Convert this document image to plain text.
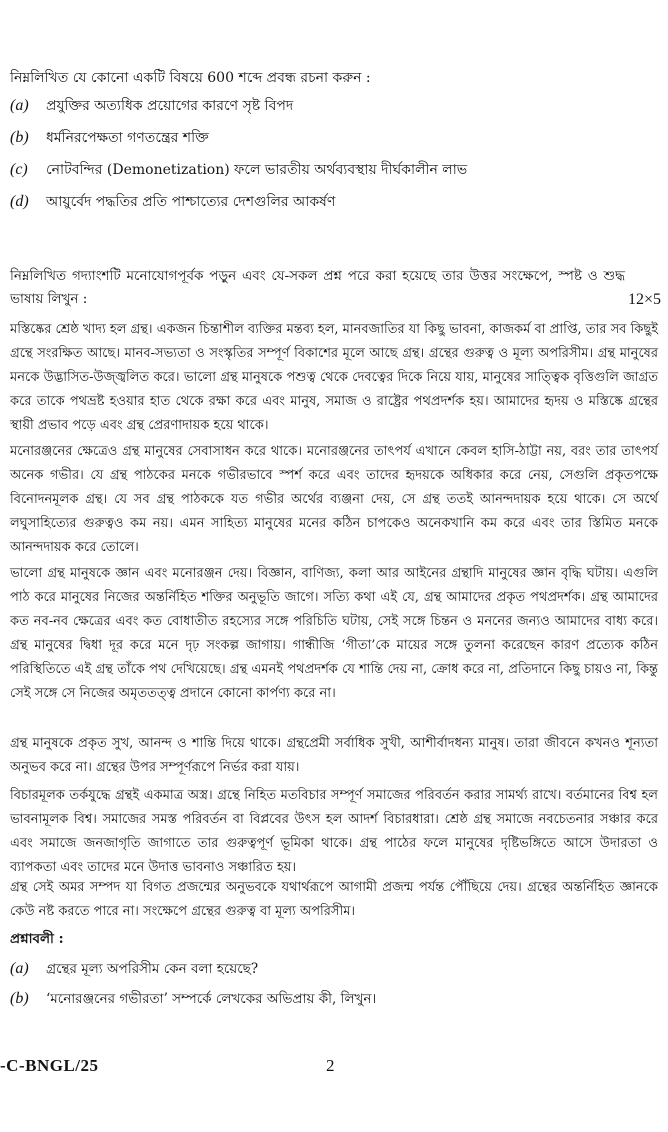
নিম্নলিখিত যে কোনো একটি বিষয়ে 600 শব্দে প্রবন্ধ রচনা করুন :
(a) প্রযুক্তির অত্যধিক প্রয়োগের কারণে সৃষ্ট বিপদ
(b) ধর্মনিরপেক্ষতা গণতন্ত্রের শক্তি
(c) নোটবন্দির (Demonetization) ফলে ভারতীয় অর্থব্যবস্থায় দীর্ঘকালীন লাভ
(d) আয়ুর্বেদ পদ্ধতির প্রতি পাশ্চাত্যের দেশগুলির আকর্ষণ
নিম্নলিখিত গদ্যাংশটি মনোযোগপূর্বক পড়ুন এবং যে-সকল প্রশ্ন পরে করা হয়েছে তার উত্তর সংক্ষেপে, স্পষ্ট ও শুদ্ধ ভাষায় লিখুন :	12×5
মস্তিষ্কের শ্রেষ্ঠ খাদ্য হল গ্রন্থ। একজন চিন্তাশীল ব্যক্তির মন্তব্য হল, মানবজাতির যা কিছু ভাবনা, কাজকর্ম বা প্রাপ্তি, তার সব কিছুই গ্রন্থে সংরক্ষিত আছে। মানব-সভ্যতা ও সংস্কৃতির সম্পূর্ণ বিকাশের মূলে আছে গ্রন্থ। গ্রন্থের গুরুত্ব ও মূল্য অপরিসীম। গ্রন্থ মানুষের মনকে উদ্ভাসিত-উজ্জ্বলিত করে। ভালো গ্রন্থ মানুষকে পশুত্ব থেকে দেবত্বের দিকে নিয়ে যায়, মানুষের সাত্ত্বিক বৃত্তিগুলি জাগ্রত করে তাকে পথভ্রষ্ট হওয়ার হাত থেকে রক্ষা করে এবং মানুষ, সমাজ ও রাষ্ট্রের পথপ্রদর্শক হয়। আমাদের হৃদয় ও মস্তিষ্কে গ্রন্থের স্থায়ী প্রভাব পড়ে এবং গ্রন্থ প্রেরণাদায়ক হয়ে থাকে।
মনোরঞ্জনের ক্ষেত্রেও গ্রন্থ মানুষের সেবাসাধন করে থাকে। মনোরঞ্জনের তাৎপর্য এখানে কেবল হাসি-ঠাট্টা নয়, বরং তার তাৎপর্য অনেক গভীর। যে গ্রন্থ পাঠকের মনকে গভীরভাবে স্পর্শ করে এবং তাদের হৃদয়কে অধিকার করে নেয়, সেগুলি প্রকৃতপক্ষে বিনোদনমূলক গ্রন্থ। যে সব গ্রন্থ পাঠককে যত গভীর অর্থের ব্যঞ্জনা দেয়, সে গ্রন্থ ততই আনন্দদায়ক হয়ে থাকে। সে অর্থে লঘুসাহিত্যের গুরুত্বও কম নয়। এমন সাহিত্য মানুষের মনের কঠিন চাপকেও অনেকখানি কম করে এবং তার স্তিমিত মনকে আনন্দদায়ক করে তোলে।
ভালো গ্রন্থ মানুষকে জ্ঞান এবং মনোরঞ্জন দেয়। বিজ্ঞান, বাণিজ্য, কলা আর আইনের গ্রন্থাদি মানুষের জ্ঞান বৃদ্ধি ঘটায়। এগুলি পাঠ করে মানুষের নিজের অন্তর্নিহিত শক্তির অনুভূতি জাগে। সত্যি কথা এই যে, গ্রন্থ আমাদের প্রকৃত পথপ্রদর্শক। গ্রন্থ আমাদের কত নব-নব ক্ষেত্রের এবং কত বোধাতীত রহস্যের সঙ্গে পরিচিতি ঘটায়, সেই সঙ্গে চিন্তন ও মননের জন্যও আমাদের বাধ্য করে। গ্রন্থ মানুষের দ্বিধা দূর করে মনে দৃঢ় সংকল্প জাগায়। গান্ধীজি ‘গীতা’কে মায়ের সঙ্গে তুলনা করেছেন কারণ প্রত্যেক কঠিন পরিস্থিতিতে এই গ্রন্থ তাঁকে পথ দেখিয়েছে। গ্রন্থ এমনই পথপ্রদর্শক যে শান্তি দেয় না, ক্রোধ করে না, প্রতিদানে কিছু চায়ও না, কিন্তু সেই সঙ্গে সে নিজের অমৃততত্ত্ব প্রদানে কোনো কার্পণ্য করে না।
গ্রন্থ মানুষকে প্রকৃত সুখ, আনন্দ ও শান্তি দিয়ে থাকে। গ্রন্থপ্রেমী সর্বাধিক সুখী, আশীর্বাদধন্য মানুষ। তারা জীবনে কখনও শূন্যতা অনুভব করে না। গ্রন্থের উপর সম্পূর্ণরূপে নির্ভর করা যায়।
বিচারমূলক তর্কযুদ্ধে গ্রন্থই একমাত্র অস্ত্র। গ্রন্থে নিহিত মতবিচার সম্পূর্ণ সমাজের পরিবর্তন করার সামর্থ্য রাখে। বর্তমানের বিশ্ব হল ভাবনামূলক বিশ্ব। সমাজের সমস্ত পরিবর্তন বা বিপ্লবের উৎস হল আদর্শ বিচারধারা। শ্রেষ্ঠ গ্রন্থ সমাজে নবচেতনার সঞ্চার করে এবং সমাজে জনজাগৃতি জাগাতে তার গুরুত্বপূর্ণ ভূমিকা থাকে। গ্রন্থ পাঠের ফলে মানুষের দৃষ্টিভঙ্গিতে আসে উদারতা ও ব্যাপকতা এবং তাদের মনে উদাত্ত ভাবনাও সঞ্চারিত হয়।
গ্রন্থ সেই অমর সম্পদ যা বিগত প্রজন্মের অনুভবকে যথার্থরূপে আগামী প্রজন্ম পর্যন্ত পৌঁছিয়ে দেয়। গ্রন্থের অন্তর্নিহিত জ্ঞানকে কেউ নষ্ট করতে পারে না। সংক্ষেপে গ্রন্থের গুরুত্ব বা মূল্য অপরিসীম।
প্রশ্নাবলী :
(a) গ্রন্থের মূল্য অপরিসীম কেন বলা হয়েছে?
(b) ‘মনোরঞ্জনের গভীরতা’ সম্পর্কে লেখকের অভিপ্রায় কী, লিখুন।
-C-BNGL/25	2
